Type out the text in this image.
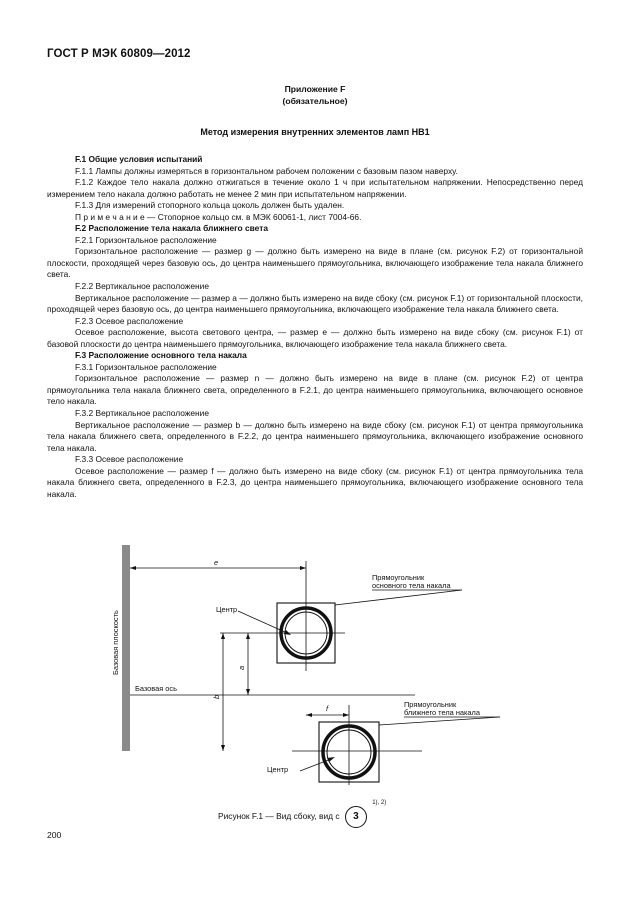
ГОСТ Р МЭК 60809—2012
Приложение F
(обязательное)
Метод измерения внутренних элементов ламп НВ1

F.1 Общие условия испытаний

F.1.1 Лампы должны измеряться в горизонтальном рабочем положении с базовым пазом наверху.

F.1.2 Каждое тело накала должно отжигаться в течение около 1 ч при испытательном напряжении. Непосредственно перед измерением тело накала должно работать не менее 2 мин при испытательном напряжении.

F.1.3 Для измерений стопорного кольца цоколь должен быть удален.

П р и м е ч а н и е — Стопорное кольцо см. в МЭК 60061-1, лист 7004-66.

F.2 Расположение тела накала ближнего света

F.2.1 Горизонтальное расположение

Горизонтальное расположение — размер g — должно быть измерено на виде в плане (см. рисунок F.2) от горизонтальной плоскости, проходящей через базовую ось, до центра наименьшего прямоугольника, включающего изображение тела накала ближнего света.

F.2.2 Вертикальное расположение

Вертикальное расположение — размер a — должно быть измерено на виде сбоку (см. рисунок F.1) от горизонтальной плоскости, проходящей через базовую ось, до центра наименьшего прямоугольника, включающего изображение тела накала ближнего света.

F.2.3 Осевое расположение

Осевое расположение, высота светового центра, — размер e — должно быть измерено на виде сбоку (см. рисунок F.1) от базовой плоскости до центра наименьшего прямоугольника, включающего изображение тела накала ближнего света.

F.3 Расположение основного тела накала

F.3.1 Горизонтальное расположение

Горизонтальное расположение — размер n — должно быть измерено на виде в плане (см. рисунок F.2) от центра прямоугольника тела накала ближнего света, определенного в F.2.1, до центра наименьшего прямоугольника, включающего основное тело накала.

F.3.2 Вертикальное расположение

Вертикальное расположение — размер b — должно быть измерено на виде сбоку (см. рисунок F.1) от центра прямоугольника тела накала ближнего света, определенного в F.2.2, до центра наименьшего прямоугольника, включающего изображение основного тела накала.

F.3.3 Осевое расположение

Осевое расположение — размер f — должно быть измерено на виде сбоку (см. рисунок F.1) от центра прямоугольника тела накала ближнего света, определенного в F.2.3, до центра наименьшего прямоугольника, включающего изображение основного тела накала.

Базовая плоскость
Базовая ось
Центр
Центр
Прямоугольник
основного тела накала
Прямоугольник
ближнего тела накала
e
a
b
f
Рисунок F.1 — Вид сбоку, вид с 3 $^{1), 2)}$
200
